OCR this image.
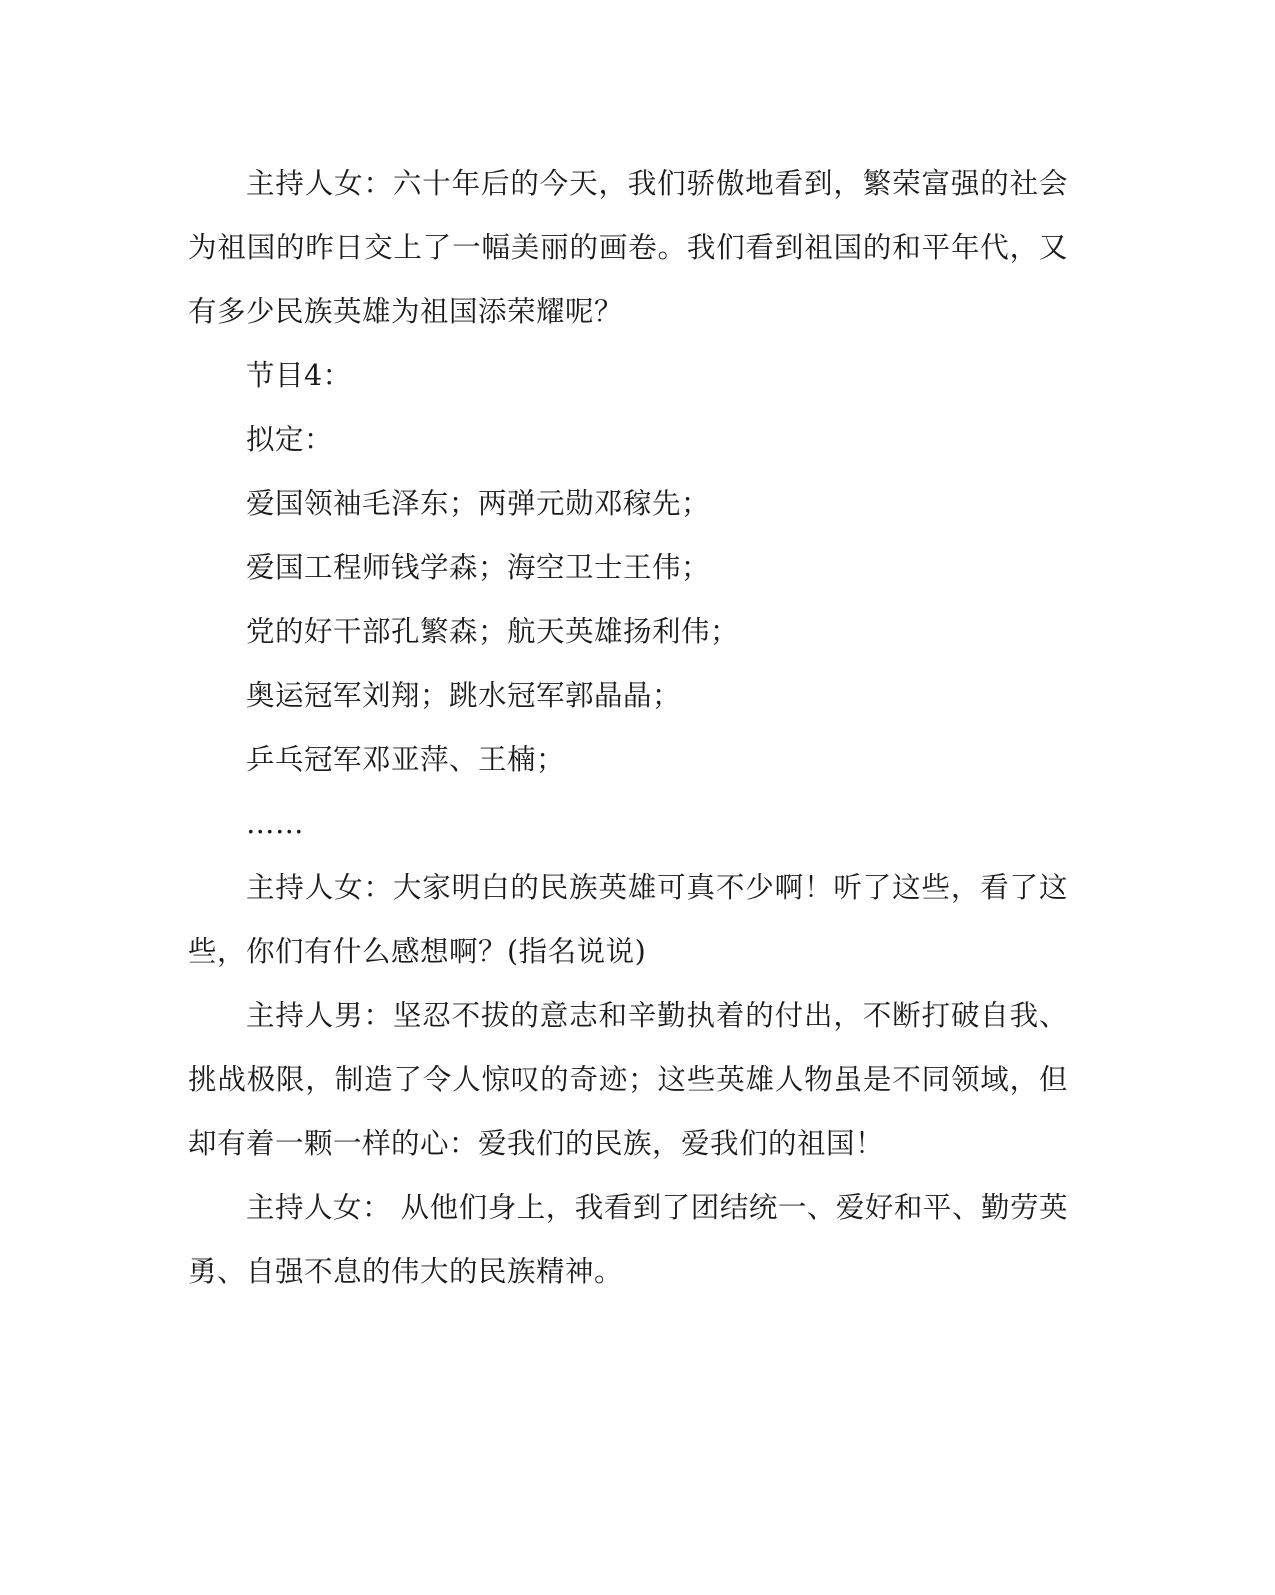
主持人女：六十年后的今天，我们骄傲地看到，繁荣富强的社会为祖国的昨日交上了一幅美丽的画卷。我们看到祖国的和平年代，又有多少民族英雄为祖国添荣耀呢？

节目4：

拟定：

爱国领袖毛泽东；两弹元勋邓稼先；

爱国工程师钱学森；海空卫士王伟；

党的好干部孔繁森；航天英雄扬利伟；

奥运冠军刘翔；跳水冠军郭晶晶；

乒乓冠军邓亚萍、王楠；

……

主持人女：大家明白的民族英雄可真不少啊！听了这些，看了这些，你们有什么感想啊？(指名说说)

主持人男：坚忍不拔的意志和辛勤执着的付出，不断打破自我、挑战极限，制造了令人惊叹的奇迹；这些英雄人物虽是不同领域，但却有着一颗一样的心：爱我们的民族，爱我们的祖国！

主持人女： 从他们身上，我看到了团结统一、爱好和平、勤劳英勇、自强不息的伟大的民族精神。
